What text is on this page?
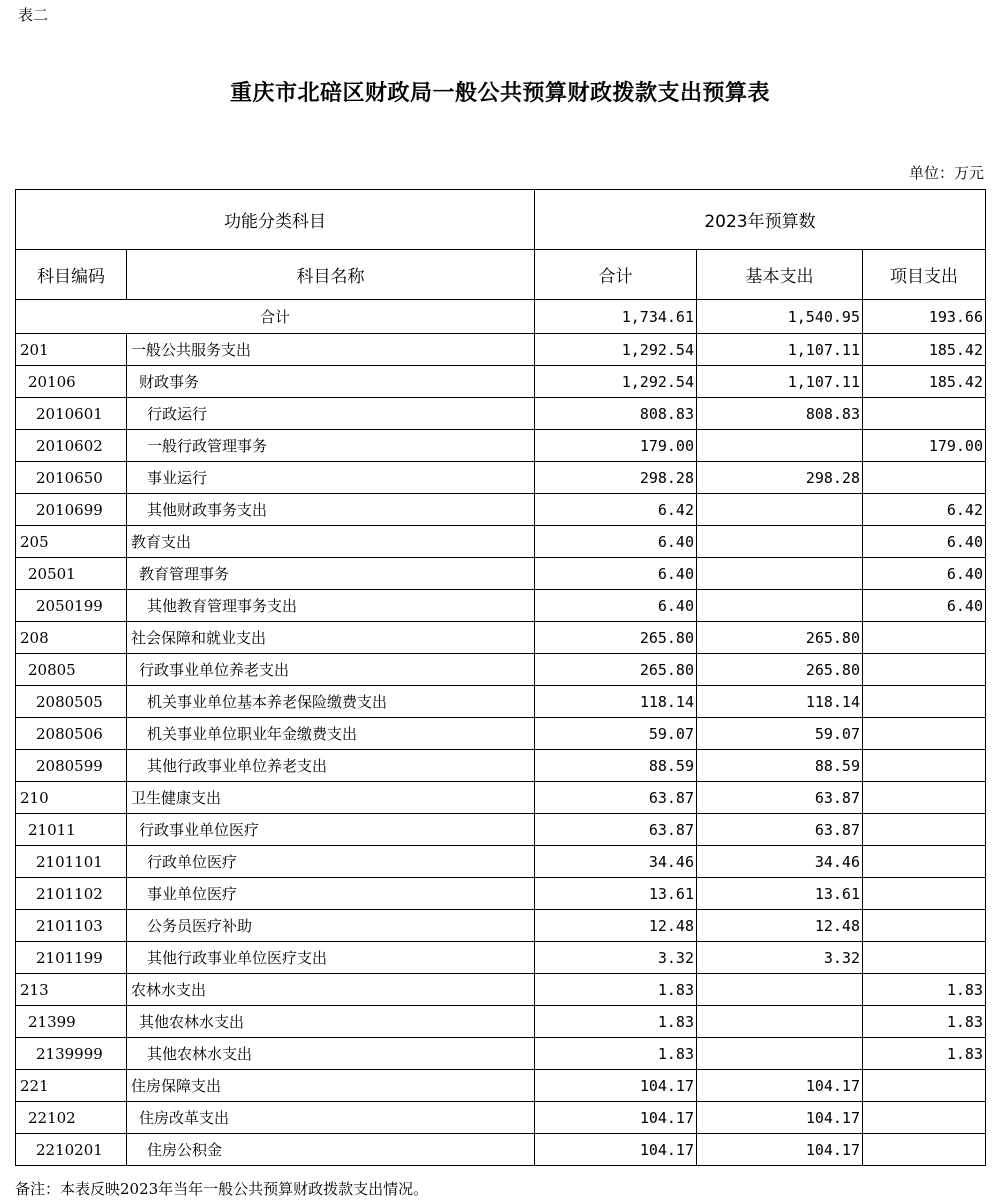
表二
重庆市北碚区财政局一般公共预算财政拨款支出预算表
单位：万元
功能分类科目		2023年预算数		
科目编码	科目名称	合计	基本支出	项目支出
合计		1,734.61	1,540.95	193.66
201	一般公共服务支出	1,292.54	1,107.11	185.42
20106	财政事务	1,292.54	1,107.11	185.42
2010601	行政运行	808.83	808.83	
2010602	一般行政管理事务	179.00		179.00
2010650	事业运行	298.28	298.28	
2010699	其他财政事务支出	6.42		6.42
205	教育支出	6.40		6.40
20501	教育管理事务	6.40		6.40
2050199	其他教育管理事务支出	6.40		6.40
208	社会保障和就业支出	265.80	265.80	
20805	行政事业单位养老支出	265.80	265.80	
2080505	机关事业单位基本养老保险缴费支出	118.14	118.14	
2080506	机关事业单位职业年金缴费支出	59.07	59.07	
2080599	其他行政事业单位养老支出	88.59	88.59	
210	卫生健康支出	63.87	63.87	
21011	行政事业单位医疗	63.87	63.87	
2101101	行政单位医疗	34.46	34.46	
2101102	事业单位医疗	13.61	13.61	
2101103	公务员医疗补助	12.48	12.48	
2101199	其他行政事业单位医疗支出	3.32	3.32	
213	农林水支出	1.83		1.83
21399	其他农林水支出	1.83		1.83
2139999	其他农林水支出	1.83		1.83
221	住房保障支出	104.17	104.17	
22102	住房改革支出	104.17	104.17	
2210201	住房公积金	104.17	104.17	
备注：本表反映2023年当年一般公共预算财政拨款支出情况。
